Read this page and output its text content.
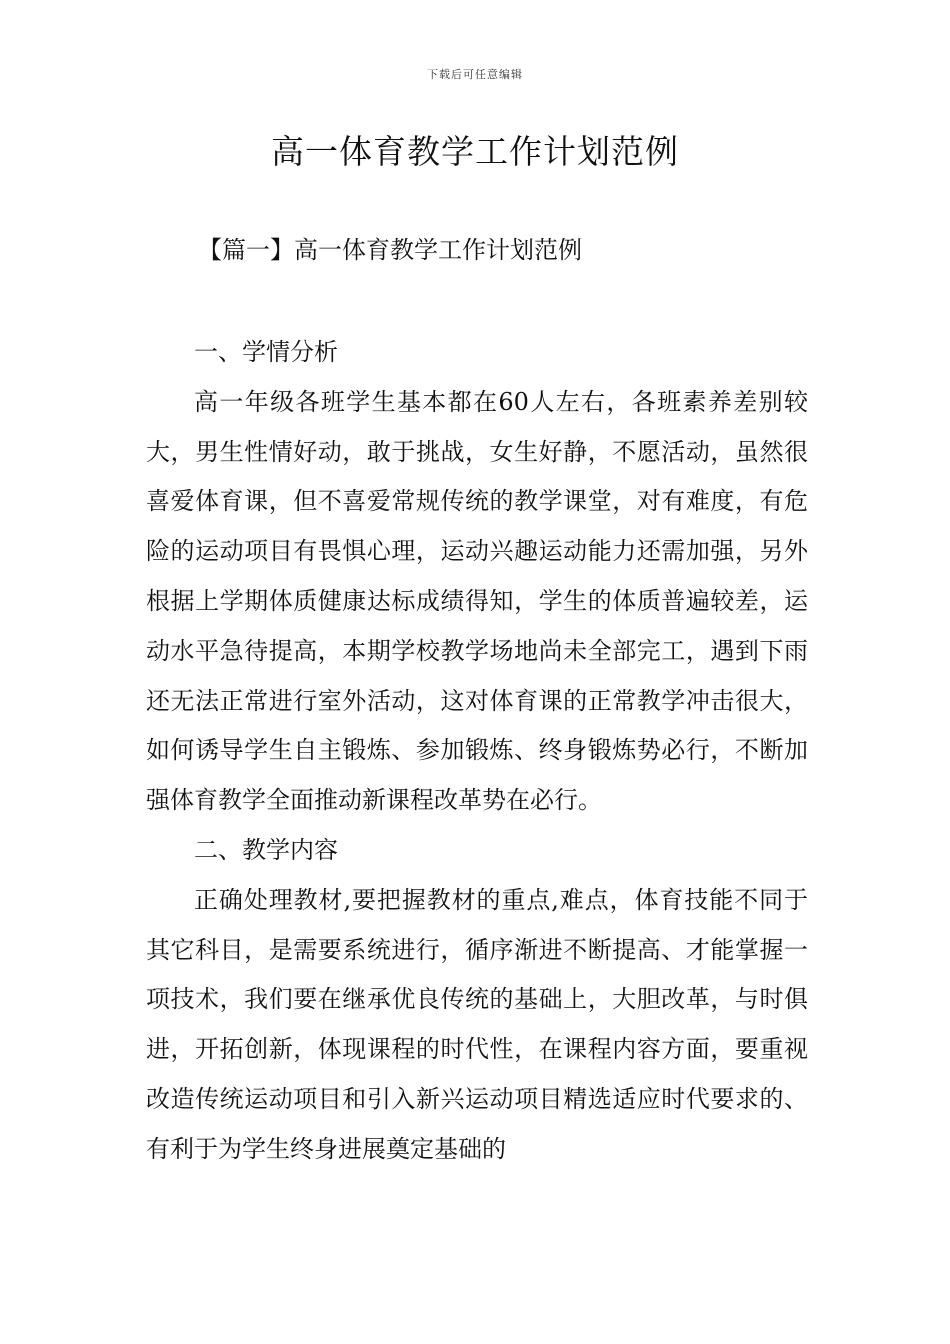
下载后可任意编辑
高一体育教学工作计划范例
【篇一】高一体育教学工作计划范例

一、学情分析

高一年级各班学生基本都在60人左右，各班素养差别较大，男生性情好动，敢于挑战，女生好静，不愿活动，虽然很喜爱体育课，但不喜爱常规传统的教学课堂，对有难度，有危险的运动项目有畏惧心理，运动兴趣运动能力还需加强，另外根据上学期体质健康达标成绩得知，学生的体质普遍较差，运动水平急待提高，本期学校教学场地尚未全部完工，遇到下雨还无法正常进行室外活动，这对体育课的正常教学冲击很大，如何诱导学生自主锻炼、参加锻炼、终身锻炼势必行，不断加强体育教学全面推动新课程改革势在必行。

二、教学内容

正确处理教材,要把握教材的重点,难点，体育技能不同于其它科目，是需要系统进行，循序渐进不断提高、才能掌握一项技术，我们要在继承优良传统的基础上，大胆改革，与时俱进，开拓创新，体现课程的时代性，在课程内容方面，要重视改造传统运动项目和引入新兴运动项目精选适应时代要求的、有利于为学生终身进展奠定基础的
